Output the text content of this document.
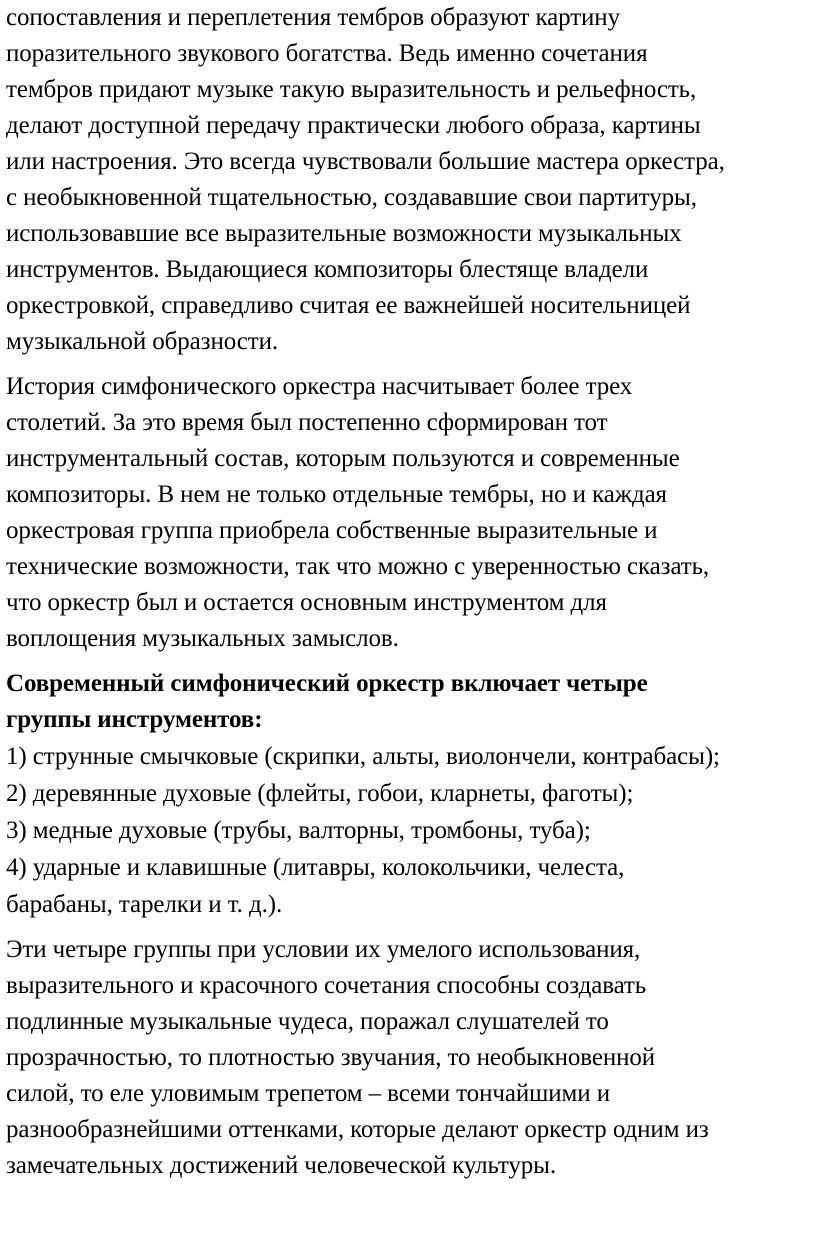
сопоставления и переплетения тембров образуют картину
поразительного звукового богатства. Ведь именно сочетания
тембров придают музыке такую выразительность и рельефность,
делают доступной передачу практически любого образа, картины
или настроения. Это всегда чувствовали большие мастера оркестра,
с необыкновенной тщательностью, создававшие свои партитуры,
использовавшие все выразительные возможности музыкальных
инструментов. Выдающиеся композиторы блестяще владели
оркестровкой, справедливо считая ее важнейшей носительницей
музыкальной образности.
История симфонического оркестра насчитывает более трех
столетий. За это время был постепенно сформирован тот
инструментальный состав, которым пользуются и современные
композиторы. В нем не только отдельные тембры, но и каждая
оркестровая группа приобрела собственные выразительные и
технические возможности, так что можно с уверенностью сказать,
что оркестр был и остается основным инструментом для
воплощения музыкальных замыслов.
Современный симфонический оркестр включает четыре
группы инструментов:
1) струнные смычковые (скрипки, альты, виолончели, контрабасы);
2) деревянные духовые (флейты, гобои, кларнеты, фаготы);
3) медные духовые (трубы, валторны, тромбоны, туба);
4) ударные и клавишные (литавры, колокольчики, челеста,
барабаны, тарелки и т. д.).
Эти четыре группы при условии их умелого использования,
выразительного и красочного сочетания способны создавать
подлинные музыкальные чудеса, поражал слушателей то
прозрачностью, то плотностью звучания, то необыкновенной
силой, то еле уловимым трепетом – всеми тончайшими и
разнообразнейшими оттенками, которые делают оркестр одним из
замечательных достижений человеческой культуры.
